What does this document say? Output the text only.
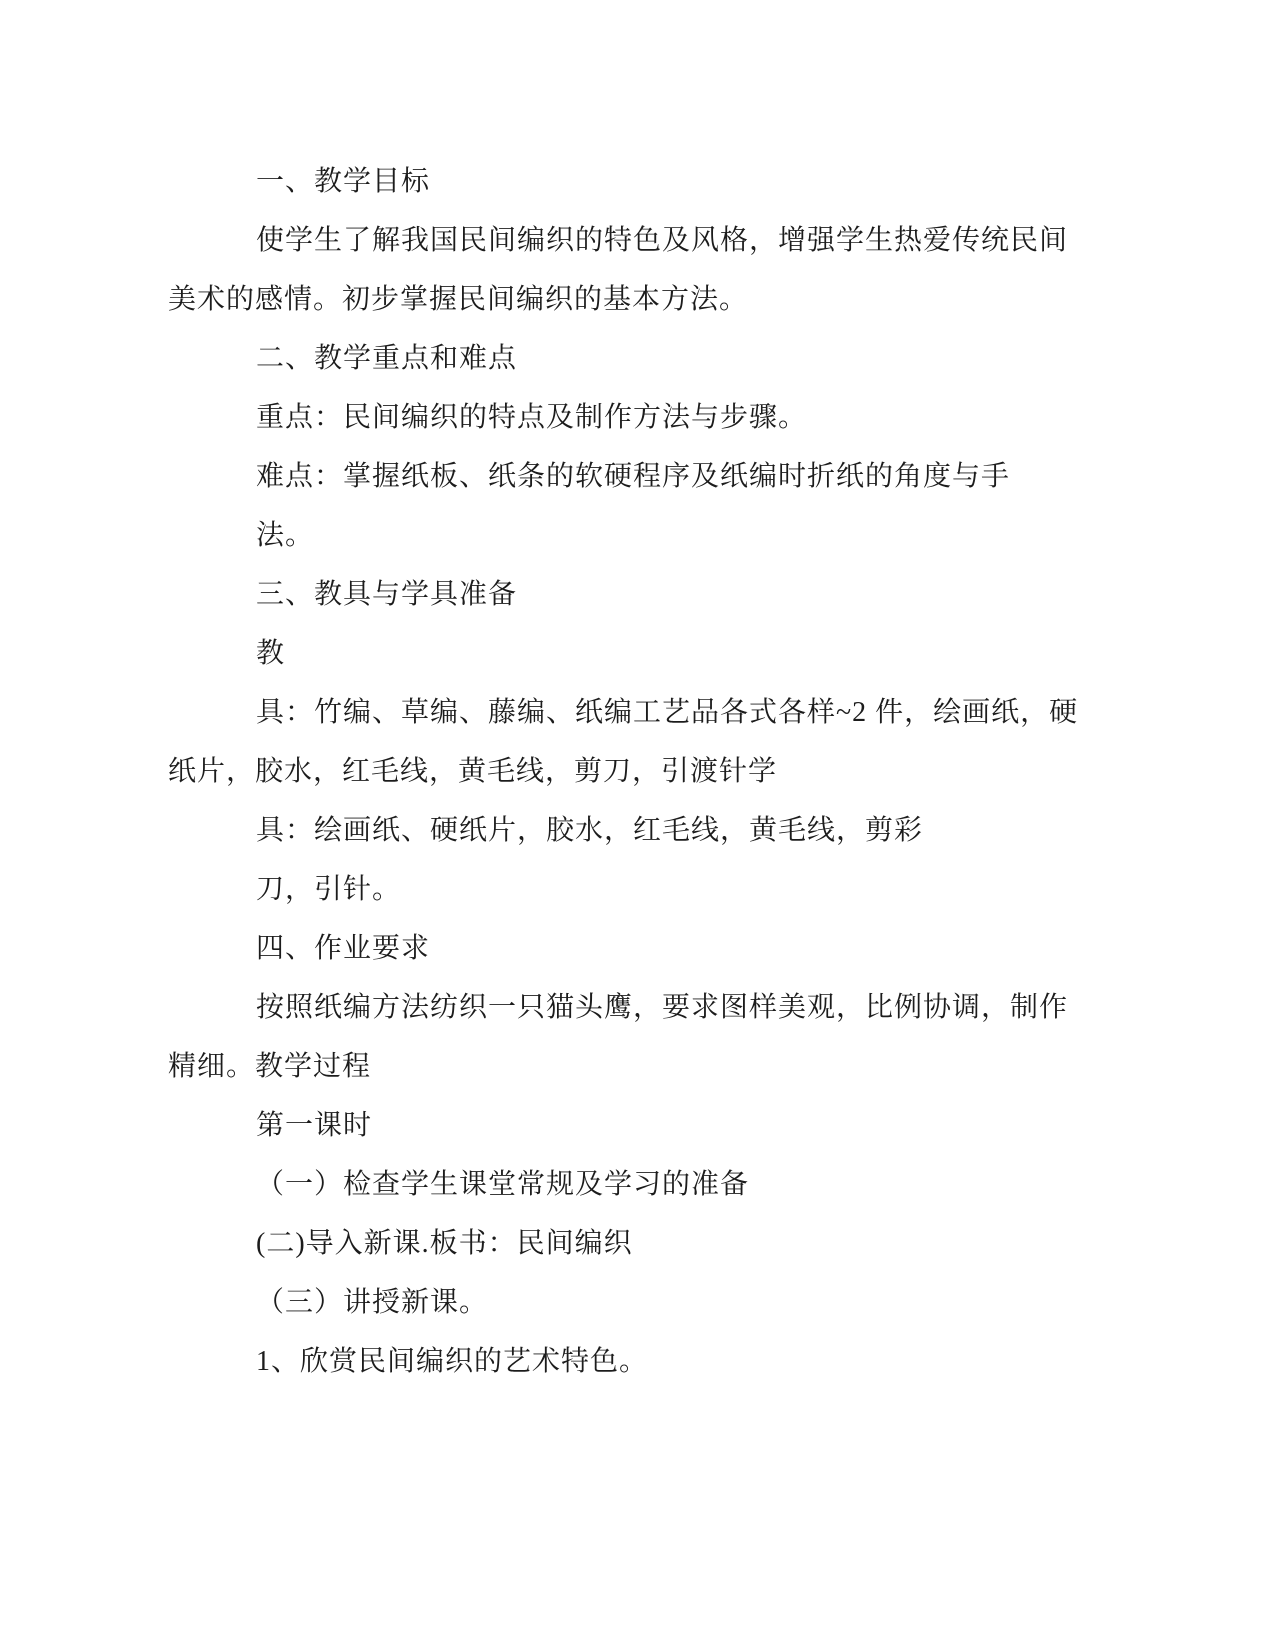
一、教学目标
使学生了解我国民间编织的特色及风格，增强学生热爱传统民间
美术的感情。初步掌握民间编织的基本方法。
二、教学重点和难点
重点：民间编织的特点及制作方法与步骤。
难点：掌握纸板、纸条的软硬程序及纸编时折纸的角度与手
法。
三、教具与学具准备
教
具：竹编、草编、藤编、纸编工艺品各式各样~2 件，绘画纸，硬
纸片，胶水，红毛线，黄毛线，剪刀，引渡针学
具：绘画纸、硬纸片，胶水，红毛线，黄毛线，剪彩
刀，引针。
四、作业要求
按照纸编方法纺织一只猫头鹰，要求图样美观，比例协调，制作
精细。教学过程
第一课时
（一）检查学生课堂常规及学习的准备
(二)导入新课.板书：民间编织
（三）讲授新课。
1、欣赏民间编织的艺术特色。
